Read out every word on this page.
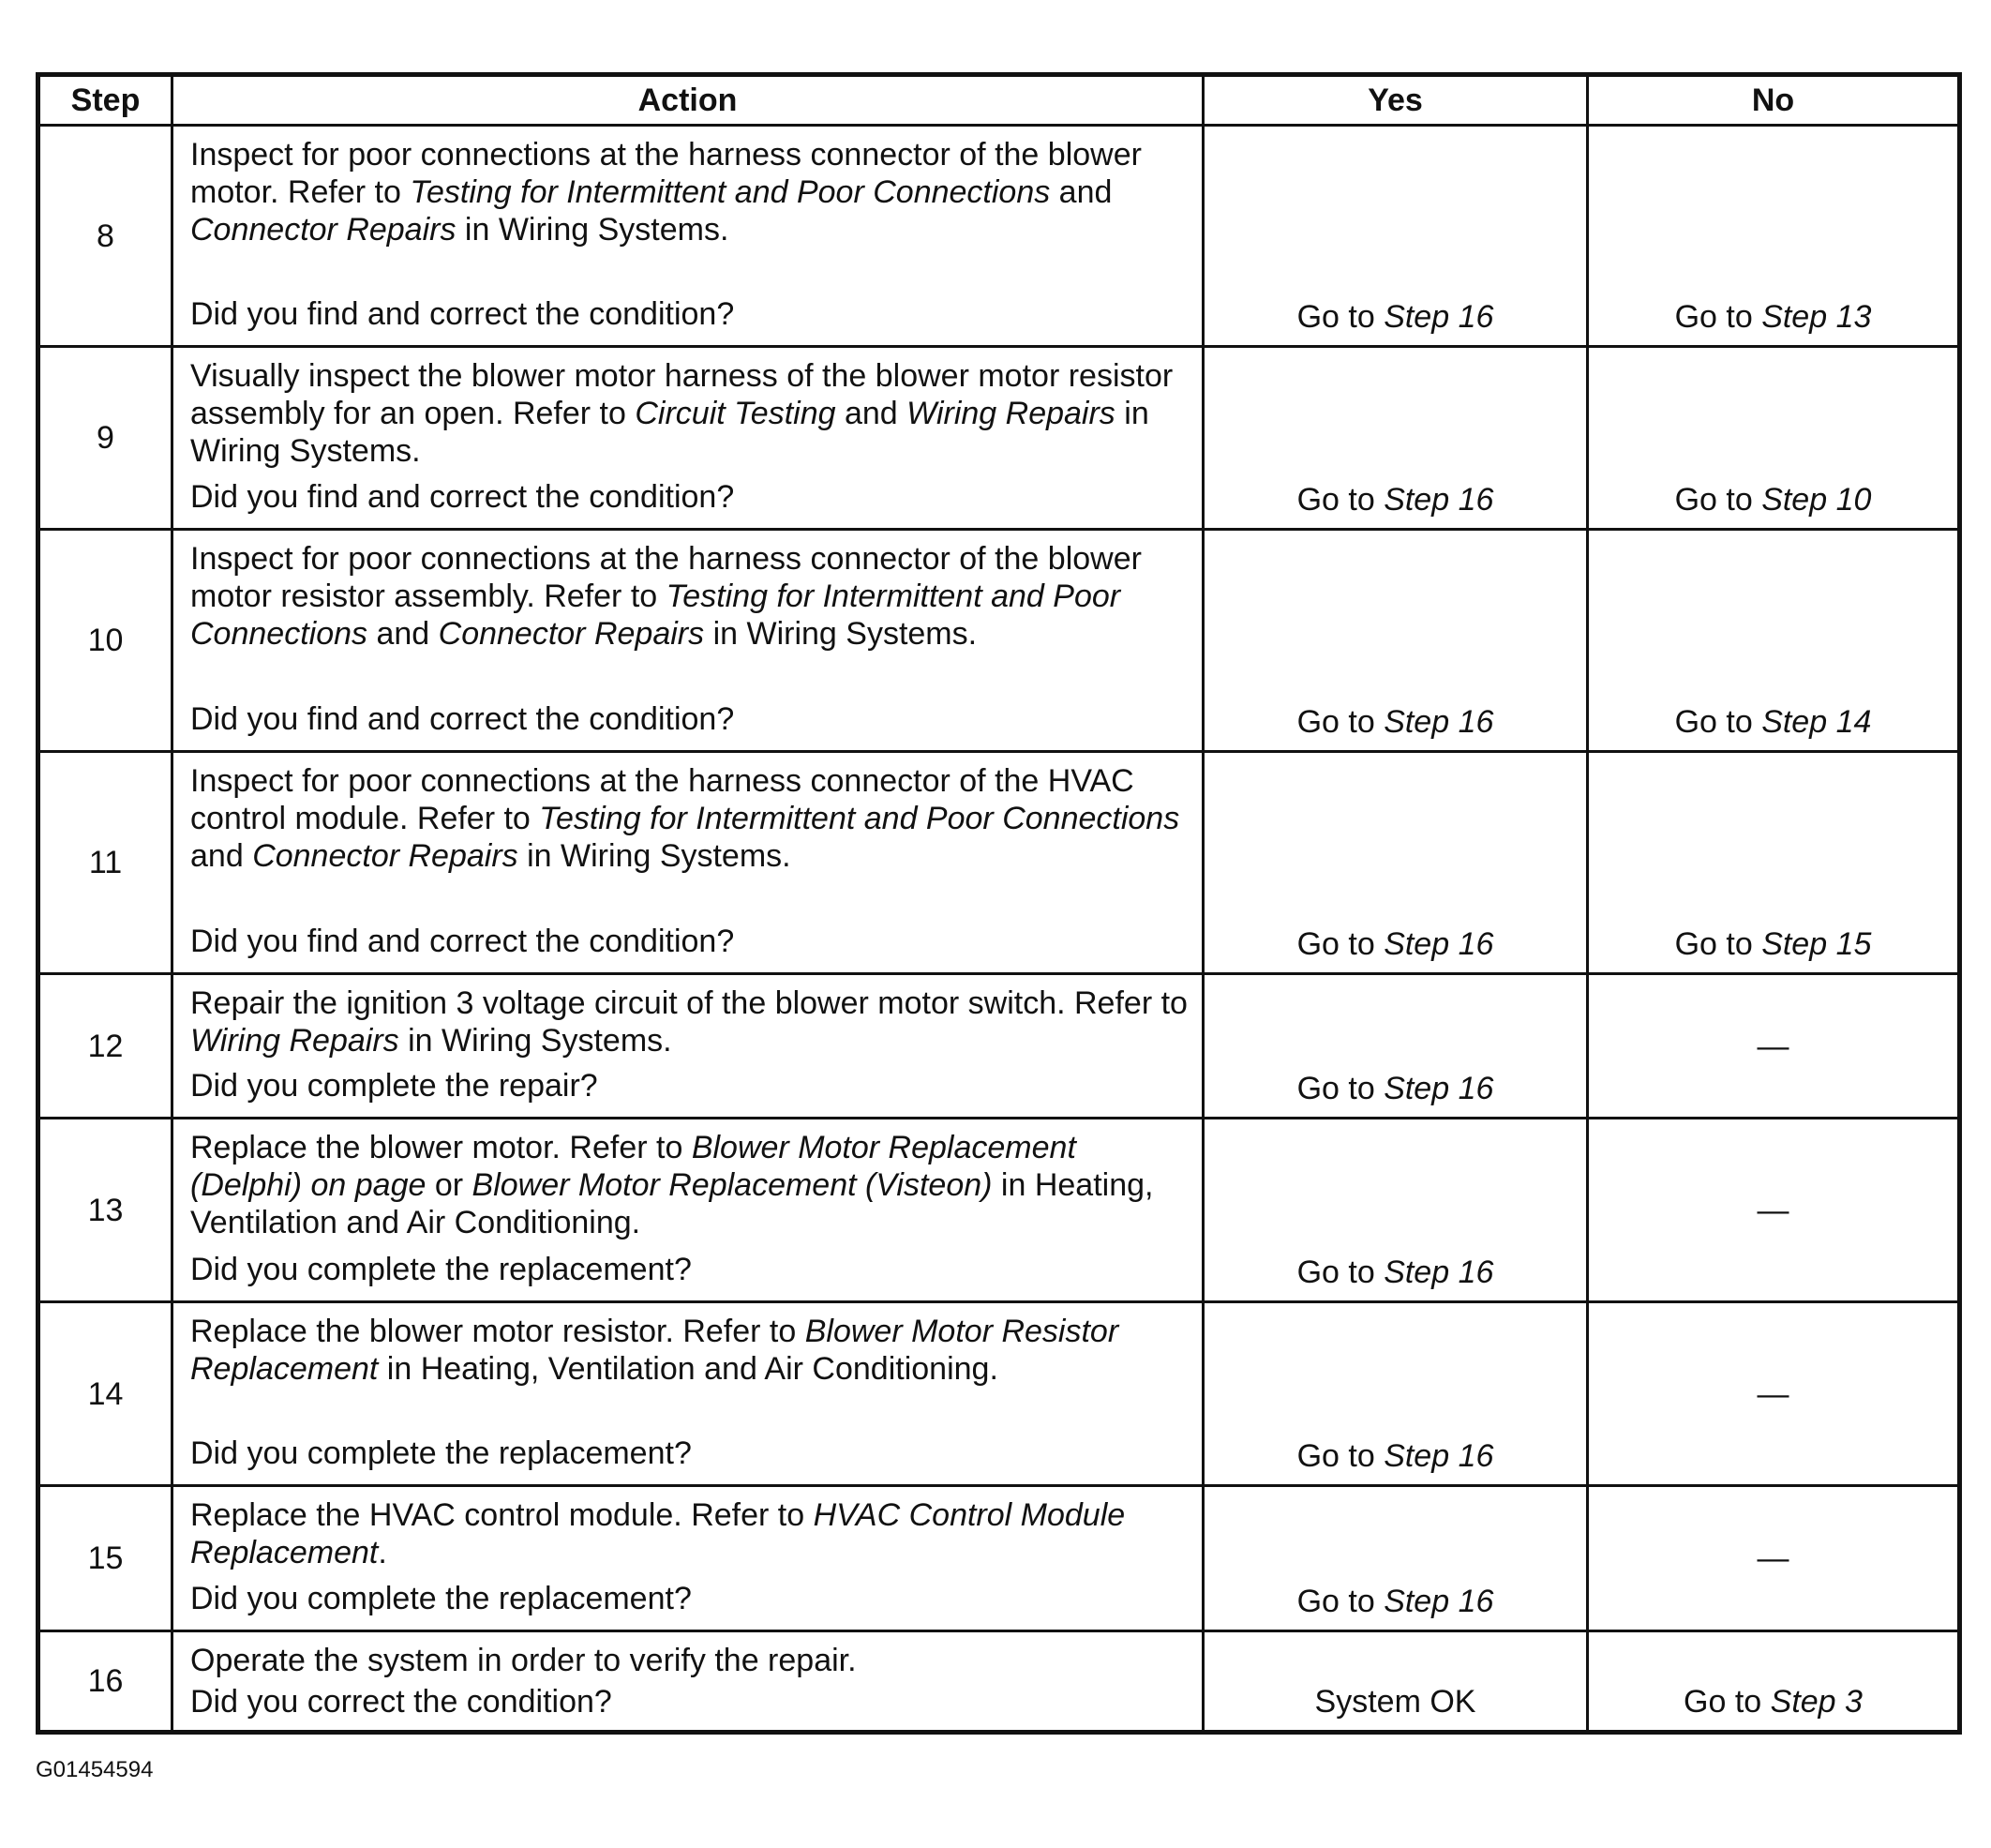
Step	Action	Yes	No
8	Inspect for poor connections at the harness connector of the blower motor. Refer to Testing for Intermittent and Poor Connections and Connector Repairs in Wiring Systems.
Did you find and correct the condition?	Go to Step 16	Go to Step 13
9	Visually inspect the blower motor harness of the blower motor resistor assembly for an open. Refer to Circuit Testing and Wiring Repairs in Wiring Systems.
Did you find and correct the condition?	Go to Step 16	Go to Step 10
10	Inspect for poor connections at the harness connector of the blower motor resistor assembly. Refer to Testing for Intermittent and Poor Connections and Connector Repairs in Wiring Systems.
Did you find and correct the condition?	Go to Step 16	Go to Step 14
11	Inspect for poor connections at the harness connector of the HVAC control module. Refer to Testing for Intermittent and Poor Connections and Connector Repairs in Wiring Systems.
Did you find and correct the condition?	Go to Step 16	Go to Step 15
12	Repair the ignition 3 voltage circuit of the blower motor switch. Refer to Wiring Repairs in Wiring Systems.
Did you complete the repair?	Go to Step 16	—
13	Replace the blower motor. Refer to Blower Motor Replacement (Delphi) on page or Blower Motor Replacement (Visteon) in Heating, Ventilation and Air Conditioning.
Did you complete the replacement?	Go to Step 16	—
14	Replace the blower motor resistor. Refer to Blower Motor Resistor Replacement in Heating, Ventilation and Air Conditioning.
Did you complete the replacement?	Go to Step 16	—
15	Replace the HVAC control module. Refer to HVAC Control Module Replacement.
Did you complete the replacement?	Go to Step 16	—
16	Operate the system in order to verify the repair.
Did you correct the condition?	System OK	Go to Step 3
G01454594
